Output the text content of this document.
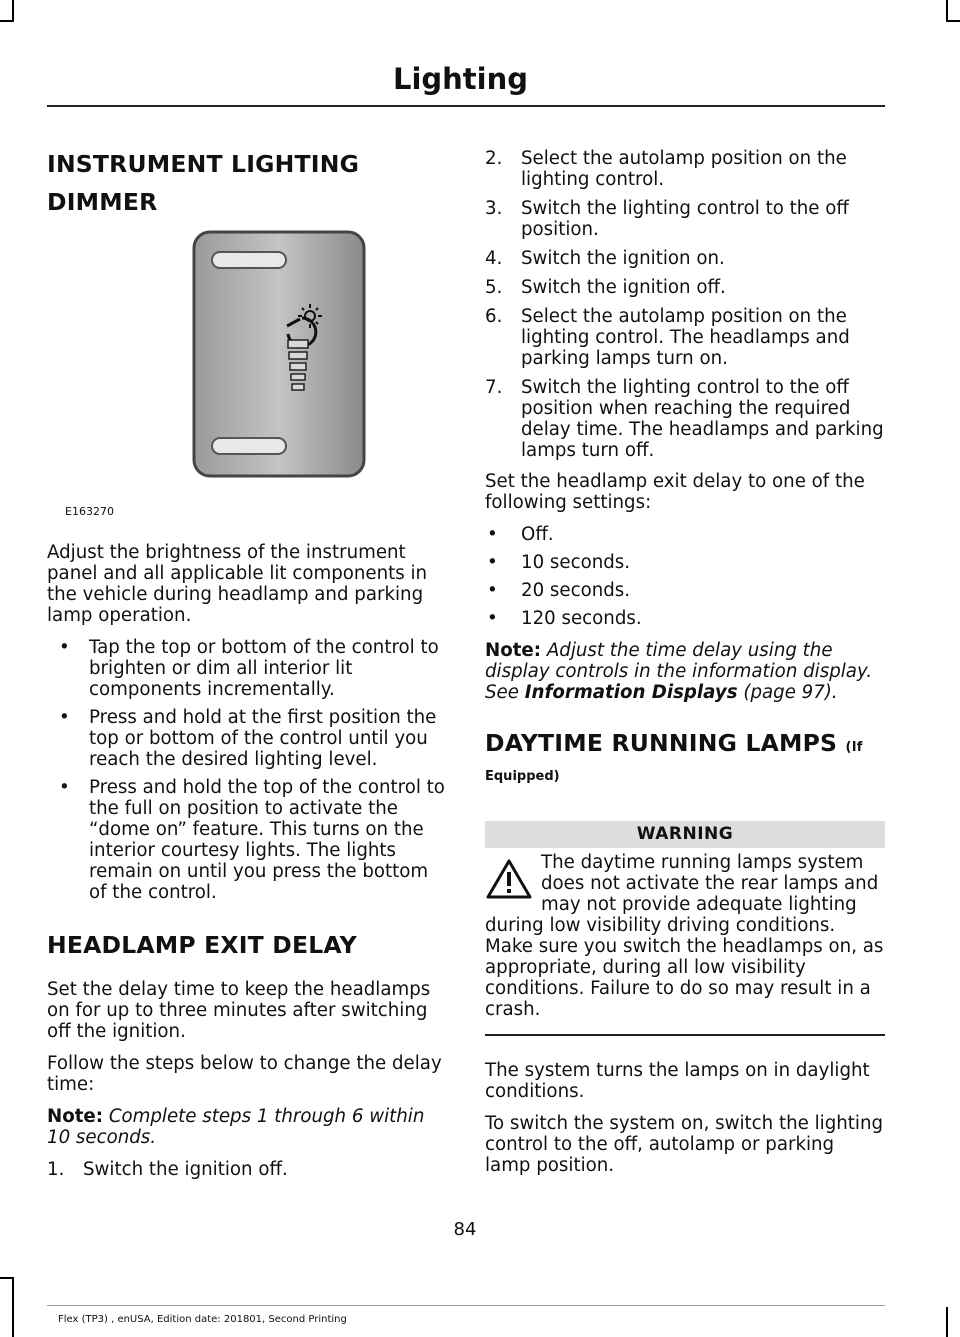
Lighting
INSTRUMENT LIGHTING
DIMMER
E163270

Adjust the brightness of the instrument panel and all applicable lit components in the vehicle during headlamp and parking lamp operation.

• Tap the top or bottom of the control to brighten or dim all interior lit components incrementally.
• Press and hold at the first position the top or bottom of the control until you reach the desired lighting level.
• Press and hold the top of the control to the full on position to activate the “dome on” feature. This turns on the interior courtesy lights. The lights remain on until you press the bottom of the control.
HEADLAMP EXIT DELAY

Set the delay time to keep the headlamps on for up to three minutes after switching off the ignition.

Follow the steps below to change the delay time:

Note: Complete steps 1 through 6 within 10 seconds.

1. Switch the ignition off.
2. Select the autolamp position on the lighting control.
3. Switch the lighting control to the off position.
4. Switch the ignition on.
5. Switch the ignition off.
6. Select the autolamp position on the lighting control. The headlamps and parking lamps turn on.
7. Switch the lighting control to the off position when reaching the required delay time. The headlamps and parking lamps turn off.

Set the headlamp exit delay to one of the following settings:

• Off.
• 10 seconds.
• 20 seconds.
• 120 seconds.

Note: Adjust the time delay using the display controls in the information display. See Information Displays (page 97).

DAYTIME RUNNING LAMPS (If
Equipped)
WARNING
The daytime running lamps system does not activate the rear lamps and may not provide adequate lighting during low visibility driving conditions. Make sure you switch the headlamps on, as appropriate, during all low visibility conditions. Failure to do so may result in a crash.

The system turns the lamps on in daylight conditions.

To switch the system on, switch the lighting control to the off, autolamp or parking lamp position.

84
Flex (TP3) , enUSA, Edition date: 201801, Second Printing
